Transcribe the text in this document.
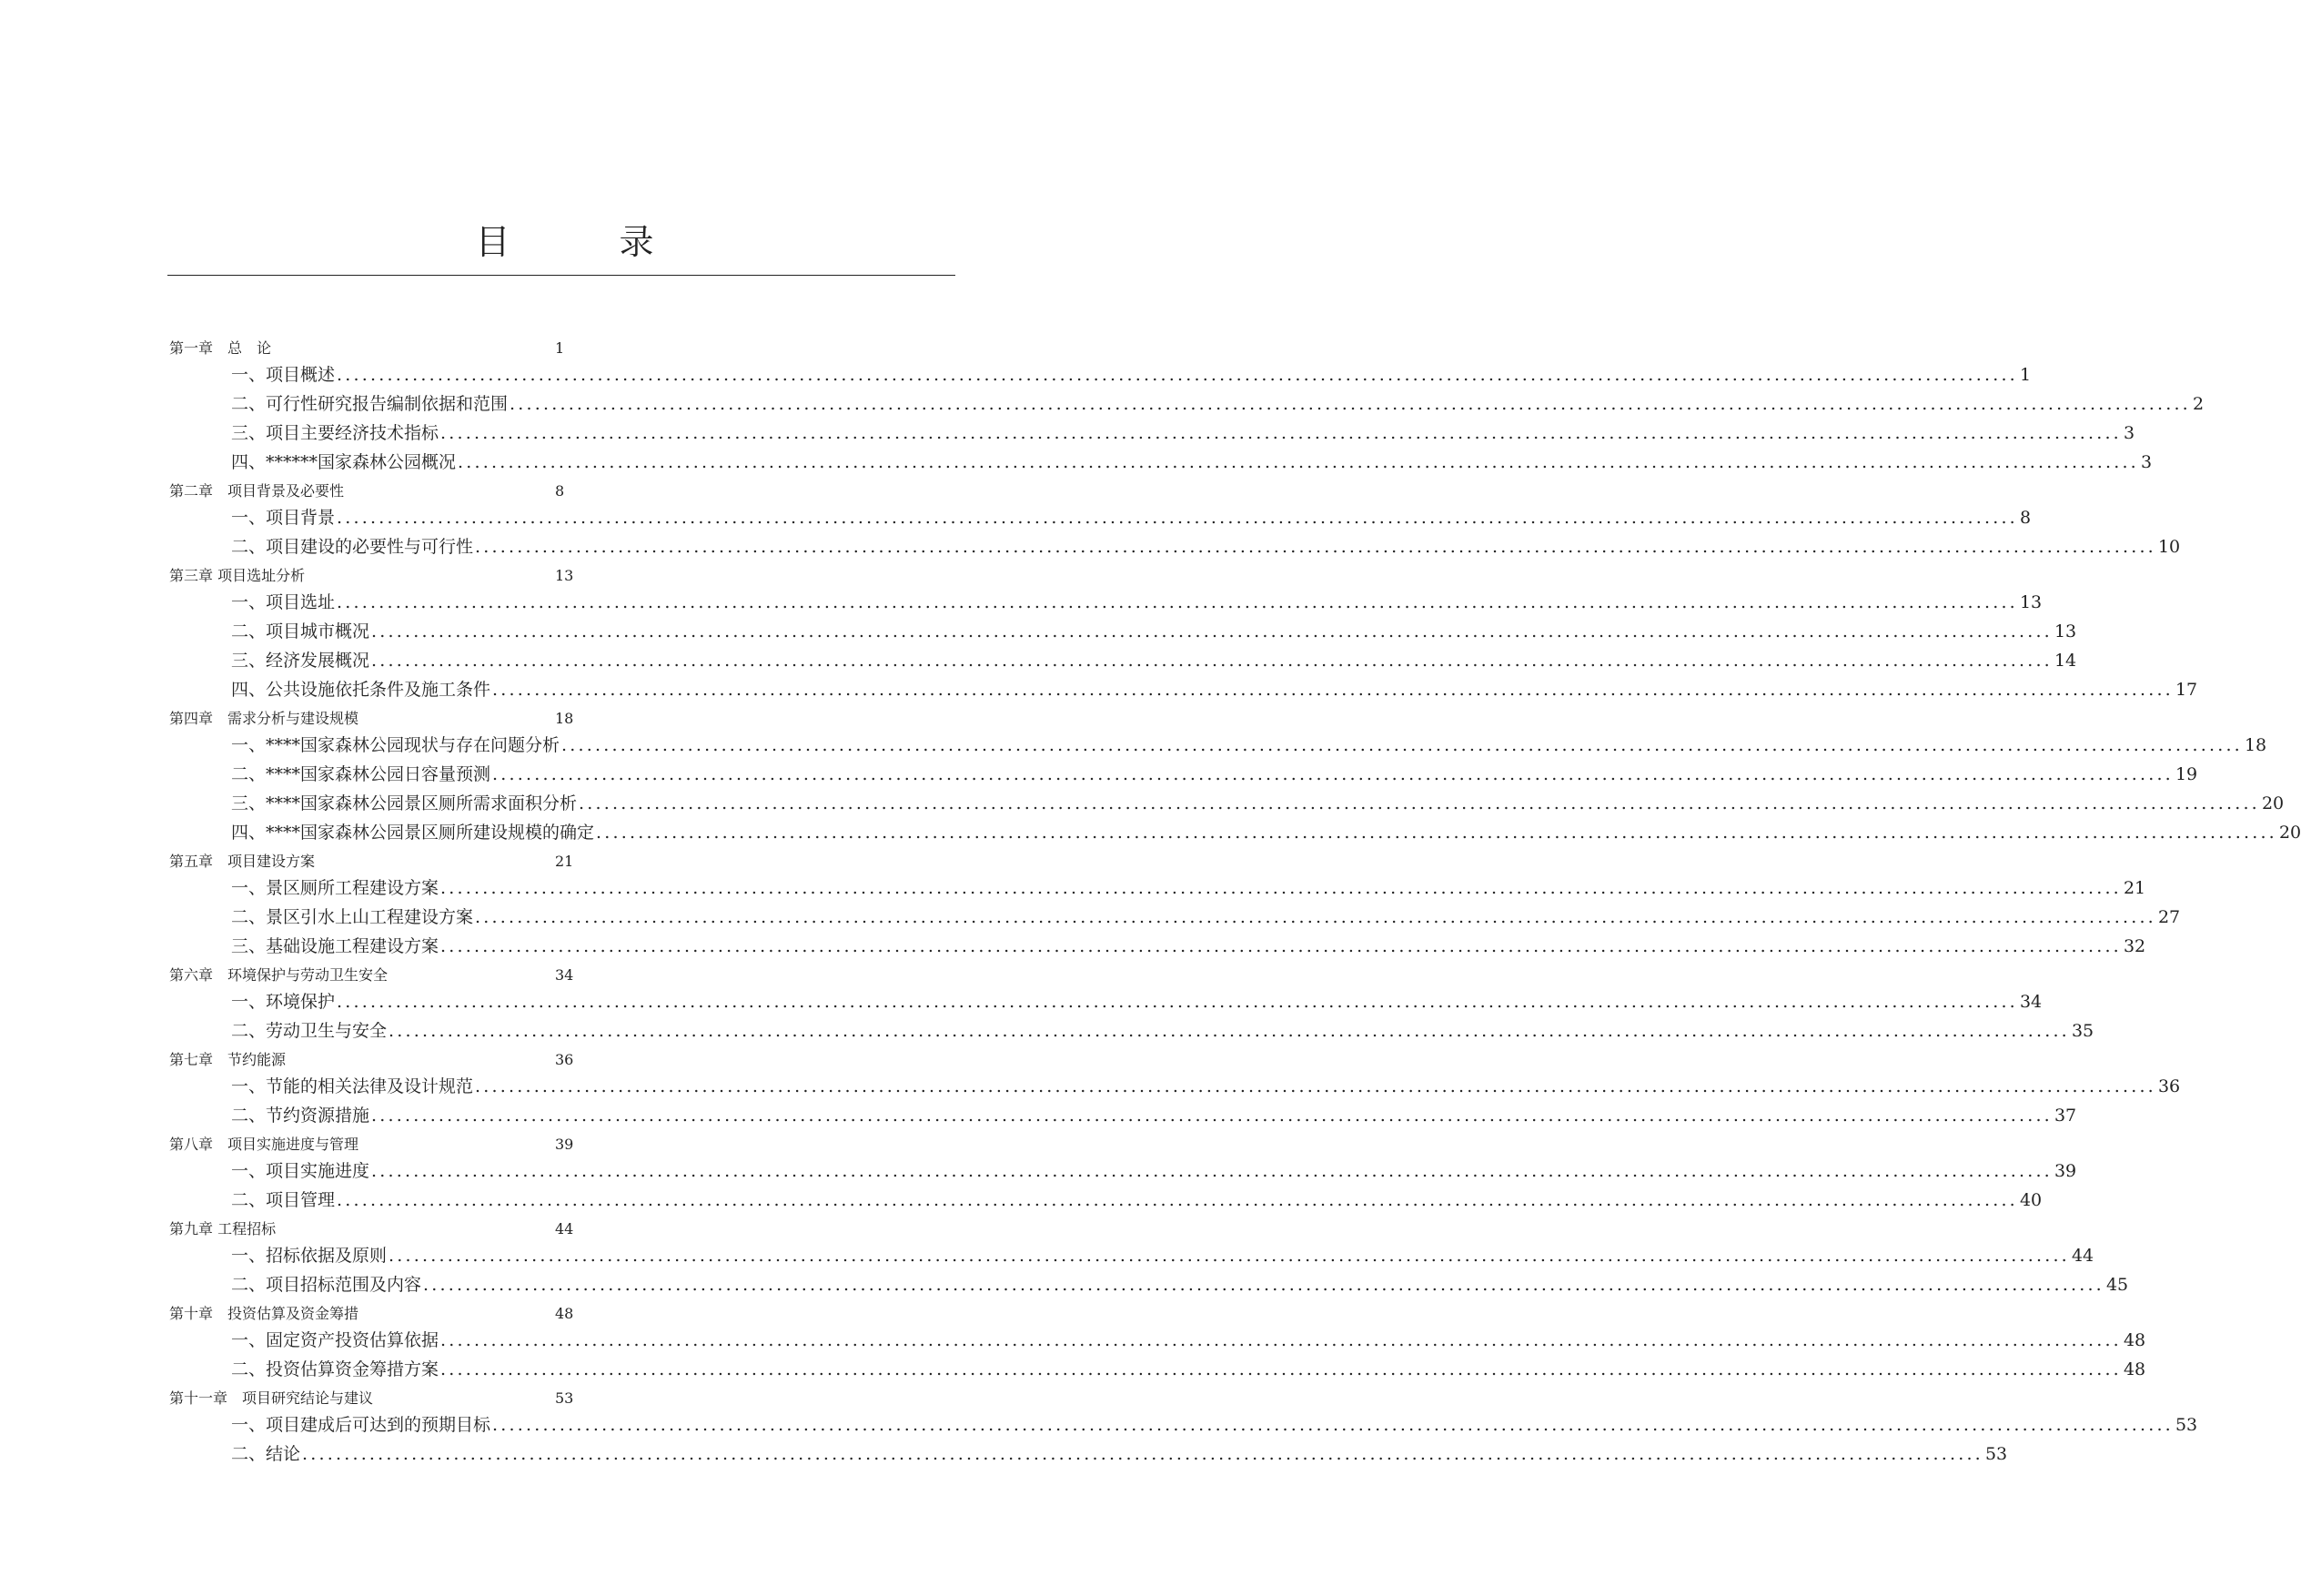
目	录
第一章　总　论	1
一、项目概述 ........................................................................................................................................................................................................ 1
二、可行性研究报告编制依据和范围 ........................................................................................................................................................................................................ 2
三、项目主要经济技术指标 ........................................................................................................................................................................................................ 3
四、******国家森林公园概况 ........................................................................................................................................................................................................ 3
第二章　项目背景及必要性	8
一、项目背景 ........................................................................................................................................................................................................ 8
二、项目建设的必要性与可行性 ........................................................................................................................................................................................................ 10
第三章 项目选址分析	13
一、项目选址 ........................................................................................................................................................................................................ 13
二、项目城市概况 ........................................................................................................................................................................................................ 13
三、经济发展概况 ........................................................................................................................................................................................................ 14
四、公共设施依托条件及施工条件 ........................................................................................................................................................................................................ 17
第四章　需求分析与建设规模	18
一、****国家森林公园现状与存在问题分析 ........................................................................................................................................................................................................ 18
二、****国家森林公园日容量预测 ........................................................................................................................................................................................................ 19
三、****国家森林公园景区厕所需求面积分析 ........................................................................................................................................................................................................ 20
四、****国家森林公园景区厕所建设规模的确定 ........................................................................................................................................................................................................ 20
第五章　项目建设方案	21
一、景区厕所工程建设方案 ........................................................................................................................................................................................................ 21
二、景区引水上山工程建设方案 ........................................................................................................................................................................................................ 27
三、基础设施工程建设方案 ........................................................................................................................................................................................................ 32
第六章　环境保护与劳动卫生安全	34
一、环境保护 ........................................................................................................................................................................................................ 34
二、劳动卫生与安全 ........................................................................................................................................................................................................ 35
第七章　节约能源	36
一、节能的相关法律及设计规范 ........................................................................................................................................................................................................ 36
二、节约资源措施 ........................................................................................................................................................................................................ 37
第八章　项目实施进度与管理	39
一、项目实施进度 ........................................................................................................................................................................................................ 39
二、项目管理 ........................................................................................................................................................................................................ 40
第九章 工程招标	44
一、招标依据及原则 ........................................................................................................................................................................................................ 44
二、项目招标范围及内容 ........................................................................................................................................................................................................ 45
第十章　投资估算及资金筹措	48
一、固定资产投资估算依据 ........................................................................................................................................................................................................ 48
二、投资估算资金筹措方案 ........................................................................................................................................................................................................ 48
第十一章　项目研究结论与建议	53
一、项目建成后可达到的预期目标 ........................................................................................................................................................................................................ 53
二、结论 ........................................................................................................................................................................................................ 53
